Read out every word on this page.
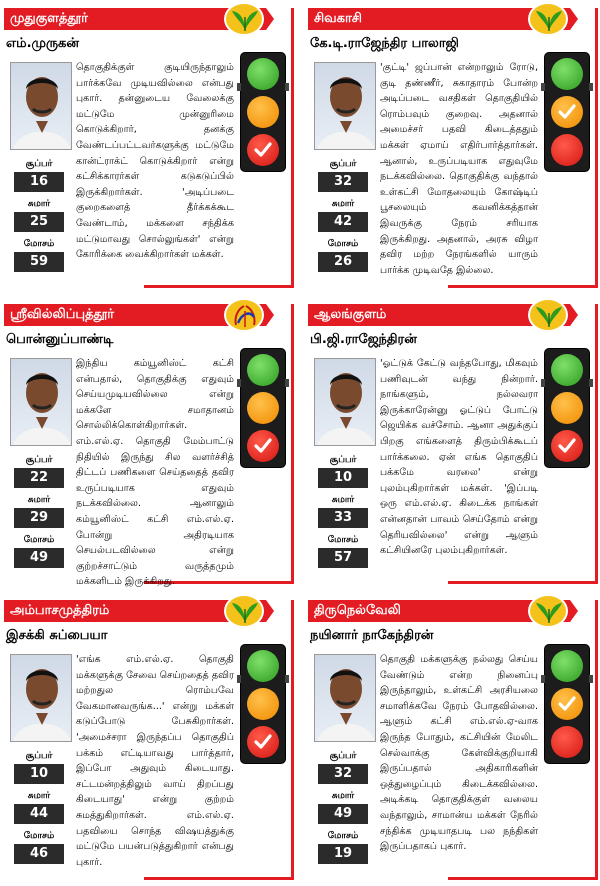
முதுகுளத்தூர்
எம்.முருகன்
சூப்பர்
16
சுமார்
25
மோசம்
59
தொகுதிக்குள் குடியிருந்தாலும் பார்க்கவே முடியவில்லை என்பது புகார். தன்னுடைய வேலைக்கு மட்டுமே முன்னுரிமை கொடுக்கிறார், தனக்கு வேண்டப்பட்டவர்களுக்கு மட்டுமே கான்ட்ராக்ட் கொடுக்கிறார் என்று கட்சிக்காரர்கள் கடுகடுப்பில் இருக்கிறார்கள். 'அடிப்படை குறைகளைத் தீர்க்கக்கூட வேண்டாம், மக்களை சந்திக்க மட்டுமாவது சொல்லுங்கள்' என்று கோரிக்கை வைக்கிறார்கள் மக்கள்.
சிவகாசி
கே.டி.ராஜேந்திர பாலாஜி
சூப்பர்
32
சுமார்
42
மோசம்
26
'குட்டி' ஜப்பான் என்றாலும் ரோடு, குடி தண்ணீர், சுகாதாரம் போன்ற அடிப்படை வசதிகள் தொகுதியில் ரொம்பவும் குறைவு. அதனால் அமைச்சர் பதவி கிடைத்ததும் மக்கள் ஏமாய் எதிர்பார்த்தார்கள். ஆனால், உருப்படியாக எதுவுமே நடக்கவில்லை. தொகுதிக்கு வந்தால் உள்கட்சி மோதலையும் கோஷ்டிப் பூசலையும் கவனிக்கத்தான் இவருக்கு நேரம் சரியாக இருக்கிறது. அதனால், அரசு விழா தவிர மற்ற நேரங்களில் யாரும் பார்க்க முடிவதே இல்லை.
ஸ்ரீவில்லிப்புத்தூர்
பொன்னுப்பாண்டி
சூப்பர்
22
சுமார்
29
மோசம்
49
இந்திய கம்யூனிஸ்ட் கட்சி என்பதால், தொகுதிக்கு எதுவும் செய்யமுடியவில்லை என்று மக்களே சமாதானம் சொல்லிக்கொள்கிறார்கள். எம்.எல்.ஏ. தொகுதி மேம்பாட்டு நிதியில் இருந்து சில வளர்ச்சித் திட்டப் பணிகளை செய்ததைத் தவிர உருப்படியாக எதுவும் நடக்கவில்லை. ஆனாலும் கம்யூனிஸ்ட் கட்சி எம்.எல்.ஏ. போன்று அதிரடியாக செயல்படவில்லை என்று குற்றச்சாட்டும் வருத்தமும் மக்களிடம் இருக்கிறது.
ஆலங்குளம்
பி.ஜி.ராஜேந்திரன்
சூப்பர்
10
சுமார்
33
மோசம்
57
'ஓட்டுக் கேட்டு வந்தபோது, மிகவும் பணிவுடன் வந்து நின்றார். நாங்களும், நல்லவரா இருக்காரேன்னு ஓட்டுப் போட்டு ஜெயிக்க வச்சோம். ஆனா அதுக்குப் பிறகு எங்களைத் திரும்பிக்கூடப் பார்க்கலை. ஏன் எங்க தொகுதிப் பக்கமே வரலை' என்று புலம்புகிறார்கள் மக்கள். 'இப்படி ஒரு எம்.எல்.ஏ. கிடைக்க நாங்கள் என்னதான் பாவம் செய்தோம் என்று தெரியவில்லை' என்று ஆளும் கட்சியினரே புலம்புகிறார்கள்.
அம்பாசமுத்திரம்
இசக்கி சுப்பையா
சூப்பர்
10
சுமார்
44
மோசம்
46
'எங்க எம்.எல்.ஏ. தொகுதி மக்களுக்கு சேவை செய்றதைத் தவிர மற்றதுல ரொம்பவே வேகமானவருங்க...' என்று மக்கள் கடுப்போடு பேசுகிறார்கள். 'அமைச்சரா இருந்தப்ப தொகுதிப் பக்கம் எட்டியாவது பார்த்தார், இப்போ அதுவும் கிடையாது. சட்டமன்றத்திலும் வாய் திறப்பது கிடையாது' என்று குற்றம் சுமத்துகிறார்கள். எம்.எல்.ஏ. பதவியை சொந்த விஷயத்துக்கு மட்டுமே பயன்படுத்துகிறார் என்பது புகார்.
திருநெல்வேலி
நயினார் நாகேந்திரன்
சூப்பர்
32
சுமார்
49
மோசம்
19
தொகுதி மக்களுக்கு நல்லது செய்ய வேண்டும் என்ற நினைப்பு இருந்தாலும், உள்கட்சி அரசியலை சமாளிக்கவே நேரம் போதவில்லை. ஆளும் கட்சி எம்.எல்.ஏ-வாக இருந்த போதும், கட்சியின் மேலிட செல்வாக்கு கேள்விக்குறியாகி இருப்பதால் அதிகாரிகளின் ஒத்துழைப்பும் கிடைக்கவில்லை. அடிக்கடி தொகுதிக்குள் வலைய வந்தாலும், சாமான்ய மக்கள் நேரில் சந்திக்க முடியாதபடி பல நந்திகள் இருப்பதாகப் புகார்.
